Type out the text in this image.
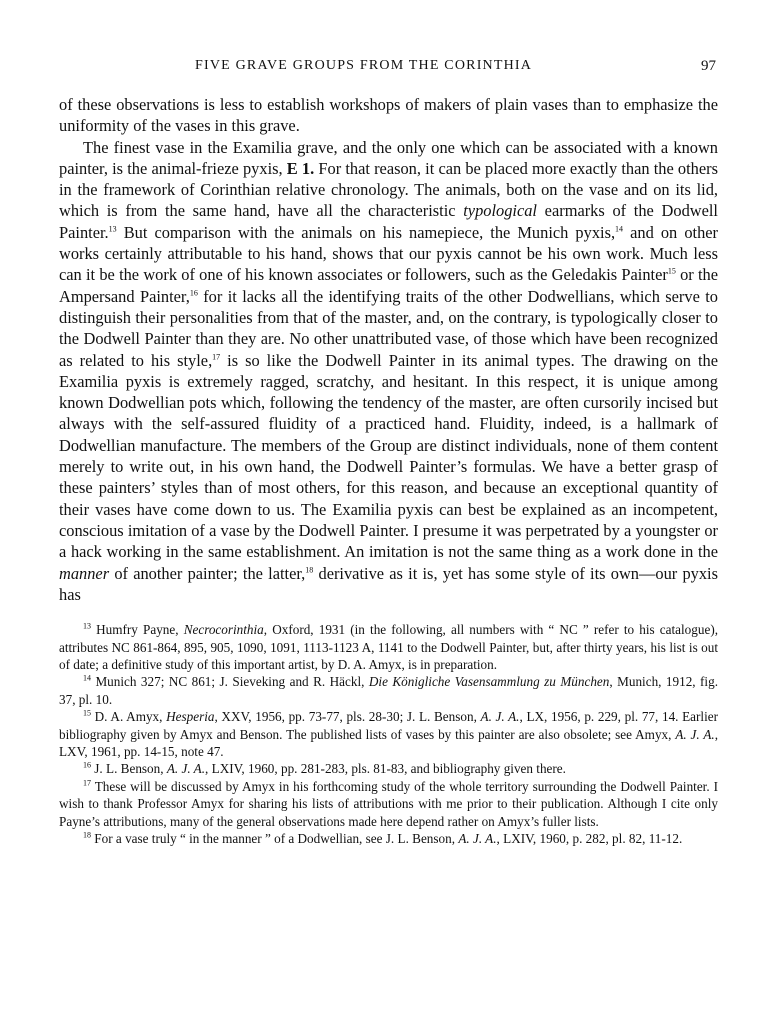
FIVE GRAVE GROUPS FROM THE CORINTHIA	97

of these observations is less to establish workshops of makers of plain vases than to emphasize the uniformity of the vases in this grave.

The finest vase in the Examilia grave, and the only one which can be associated with a known painter, is the animal-frieze pyxis, E 1. For that reason, it can be placed more exactly than the others in the framework of Corinthian relative chronology. The animals, both on the vase and on its lid, which is from the same hand, have all the characteristic typological earmarks of the Dodwell Painter.$^{13}$ But comparison with the animals on his namepiece, the Munich pyxis,$^{14}$ and on other works certainly attributable to his hand, shows that our pyxis cannot be his own work. Much less can it be the work of one of his known associates or followers, such as the Geledakis Painter$^{15}$ or the Ampersand Painter,$^{16}$ for it lacks all the identifying traits of the other Dodwellians, which serve to distinguish their personalities from that of the master, and, on the contrary, is typologically closer to the Dodwell Painter than they are. No other unattributed vase, of those which have been recognized as related to his style,$^{17}$ is so like the Dodwell Painter in its animal types. The drawing on the Examilia pyxis is extremely ragged, scratchy, and hesitant. In this respect, it is unique among known Dodwellian pots which, following the tendency of the master, are often cursorily incised but always with the self-assured fluidity of a practiced hand. Fluidity, indeed, is a hallmark of Dodwellian manufacture. The members of the Group are distinct individuals, none of them content merely to write out, in his own hand, the Dodwell Painter’s formulas. We have a better grasp of these painters’ styles than of most others, for this reason, and because an exceptional quantity of their vases have come down to us. The Examilia pyxis can best be explained as an incompetent, conscious imitation of a vase by the Dodwell Painter. I presume it was perpetrated by a youngster or a hack working in the same establishment. An imitation is not the same thing as a work done in the manner of another painter; the latter,$^{18}$ derivative as it is, yet has some style of its own—our pyxis has

$^{13}$ Humfry Payne, Necrocorinthia, Oxford, 1931 (in the following, all numbers with “ NC ” refer to his catalogue), attributes NC 861-864, 895, 905, 1090, 1091, 1113-1123 A, 1141 to the Dodwell Painter, but, after thirty years, his list is out of date; a definitive study of this important artist, by D. A. Amyx, is in preparation.

$^{14}$ Munich 327; NC 861; J. Sieveking and R. Häckl, Die Königliche Vasensammlung zu München, Munich, 1912, fig. 37, pl. 10.

$^{15}$ D. A. Amyx, Hesperia, XXV, 1956, pp. 73-77, pls. 28-30; J. L. Benson, A. J. A., LX, 1956, p. 229, pl. 77, 14. Earlier bibliography given by Amyx and Benson. The published lists of vases by this painter are also obsolete; see Amyx, A. J. A., LXV, 1961, pp. 14-15, note 47.

$^{16}$ J. L. Benson, A. J. A., LXIV, 1960, pp. 281-283, pls. 81-83, and bibliography given there.

$^{17}$ These will be discussed by Amyx in his forthcoming study of the whole territory surrounding the Dodwell Painter. I wish to thank Professor Amyx for sharing his lists of attributions with me prior to their publication. Although I cite only Payne’s attributions, many of the general observations made here depend rather on Amyx’s fuller lists.

$^{18}$ For a vase truly “ in the manner ” of a Dodwellian, see J. L. Benson, A. J. A., LXIV, 1960, p. 282, pl. 82, 11-12.
